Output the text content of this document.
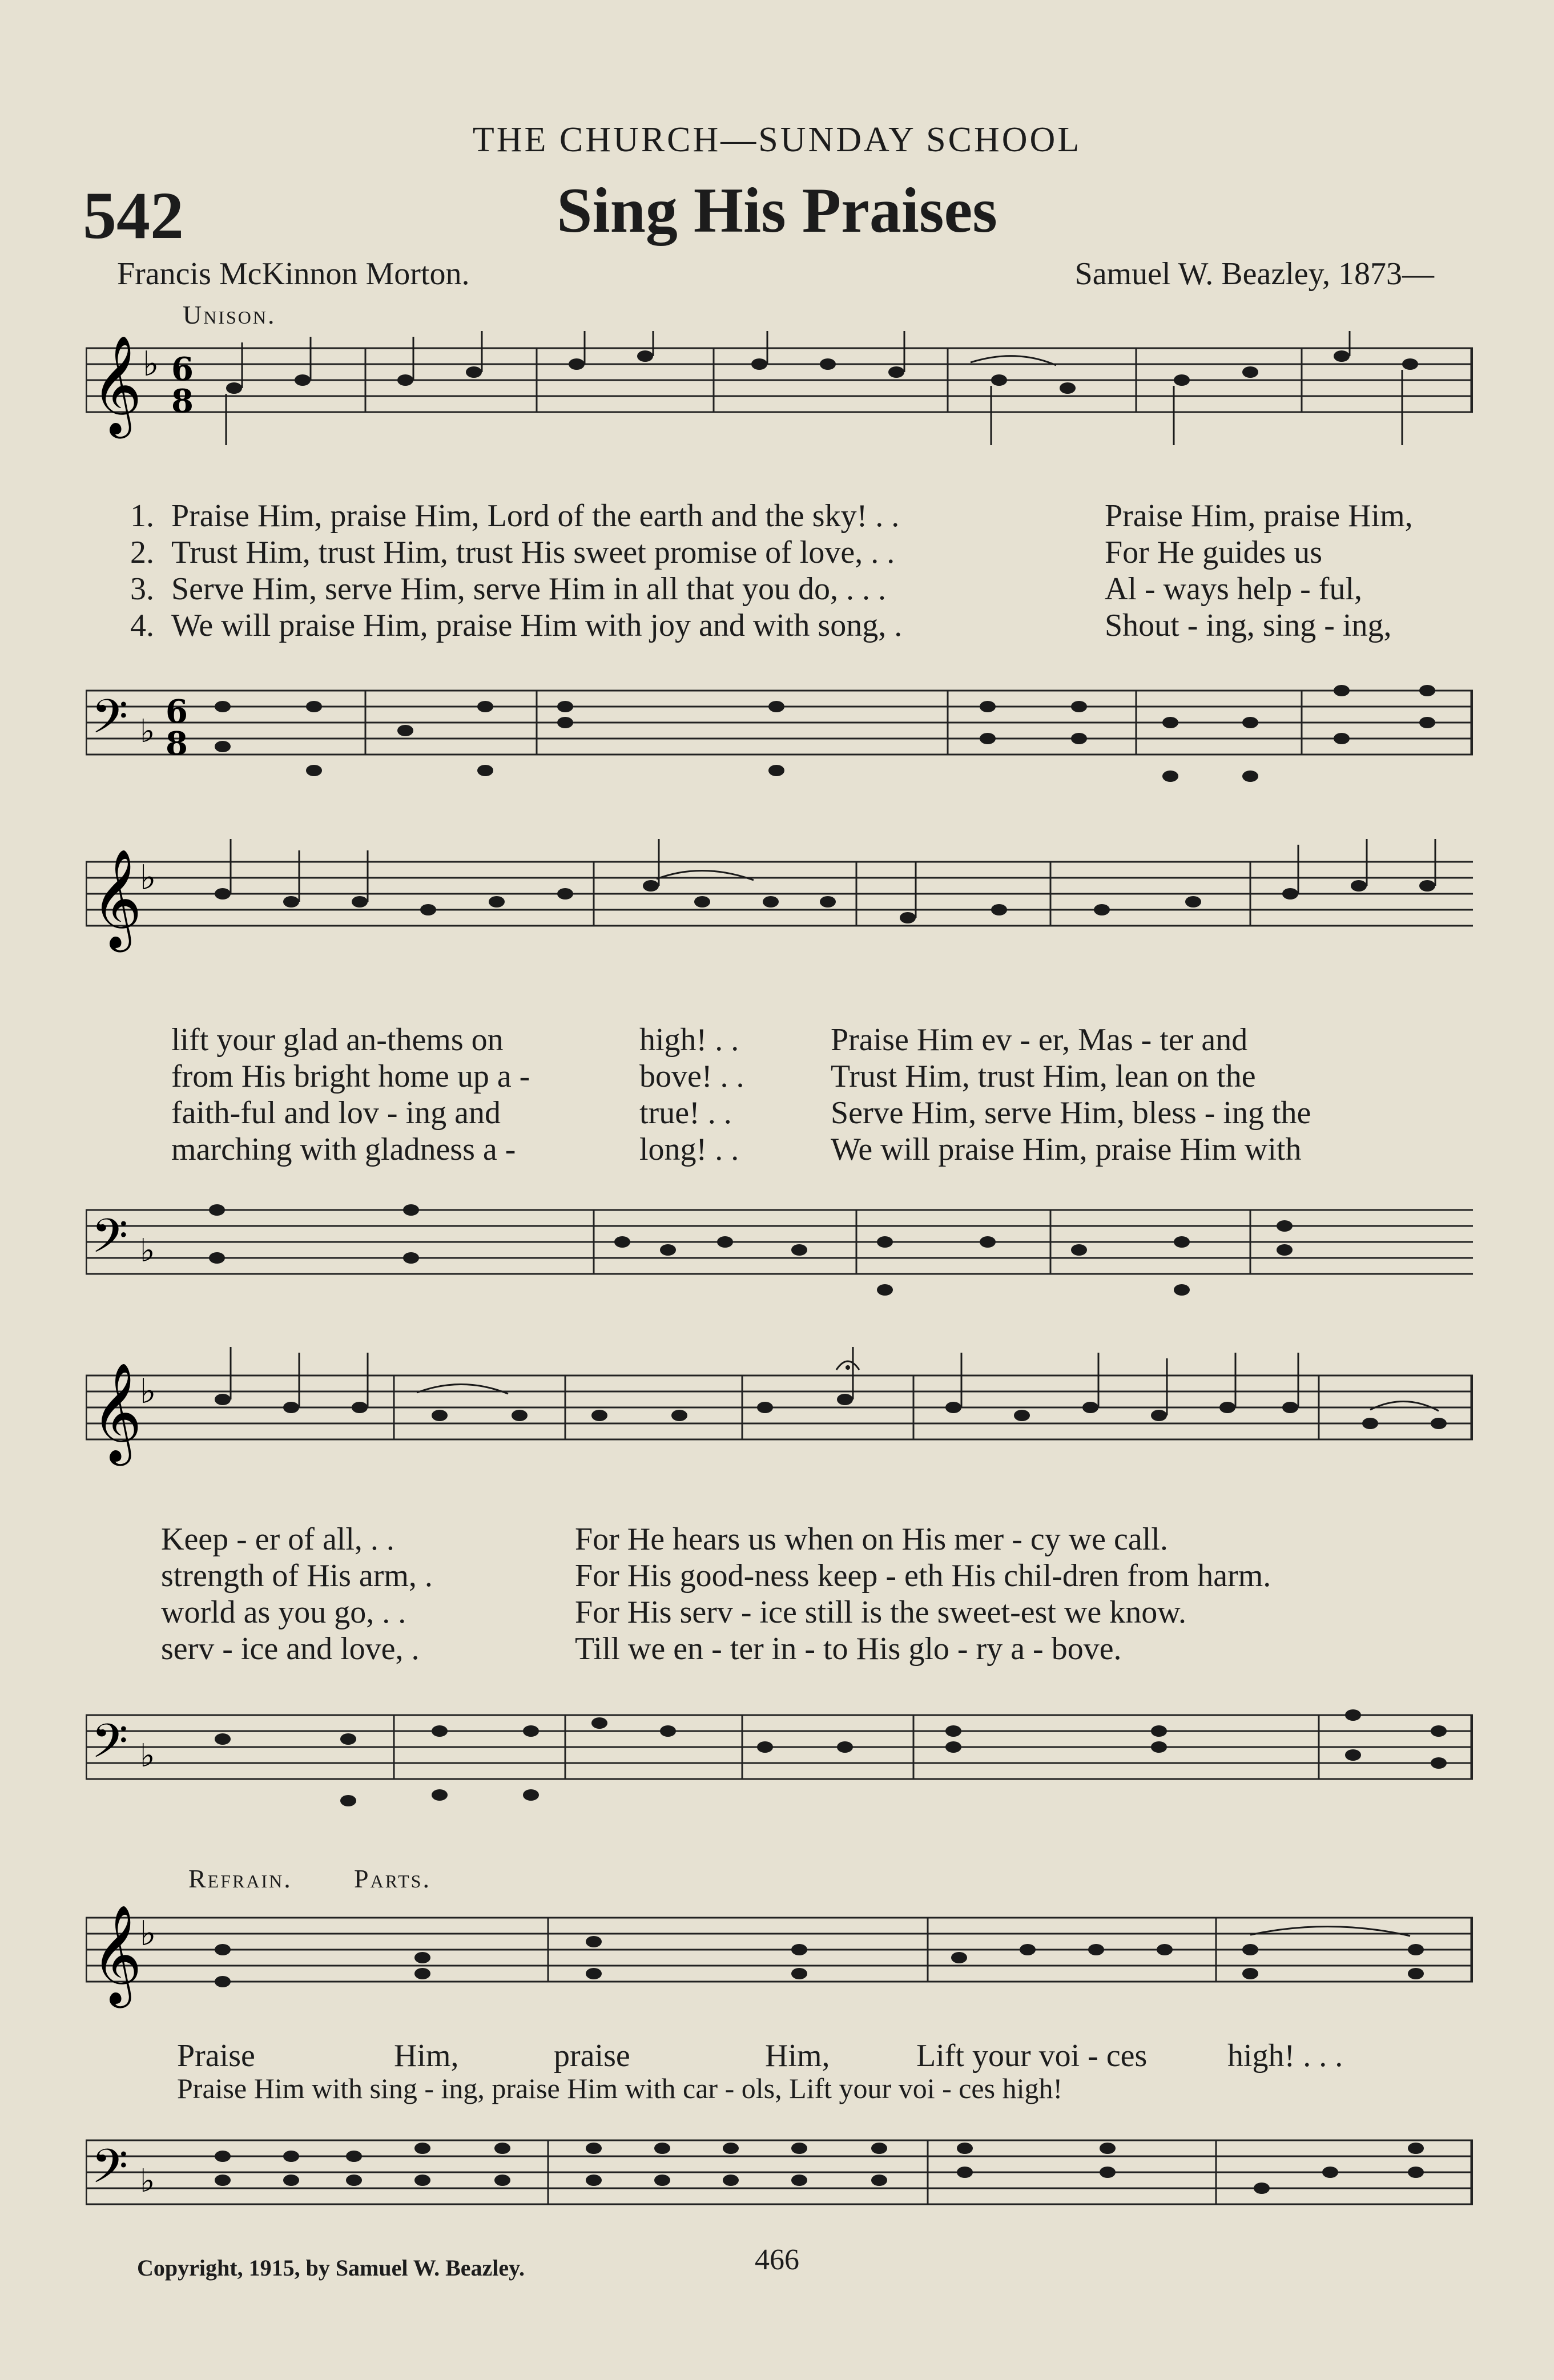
THE CHURCH—SUNDAY SCHOOL
542	Sing His Praises
Francis McKinnon Morton.	Samuel W. Beazley, 1873—
Unison.
𝄞 ♭ 6
8
1. Praise Him, praise Him, Lord of the earth and the sky! . .	Praise Him, praise Him,
2. Trust Him, trust Him, trust His sweet promise of love, . .	For He guides us
3. Serve Him, serve Him, serve Him in all that you do, . . .	Al - ways help - ful,
4. We will praise Him, praise Him with joy and with song, .	Shout - ing, sing - ing,
𝄢 ♭
6
8
𝄞
♭
lift your glad an-thems on	high! . .	Praise Him ev - er, Mas - ter and
from His bright home up a -	bove! . .	Trust Him, trust Him, lean on the
faith-ful and lov - ing and	true! . .	Serve Him, serve Him, bless - ing the
marching with gladness a -	long! . .	We will praise Him, praise Him with
𝄢 ♭
𝄞
♭
Keep - er of all, . .	For He hears us when on His mer - cy we call.
strength of His arm, .	For His good-ness keep - eth His chil-dren from harm.
world as you go, . .	For His serv - ice still is the sweet-est we know.
serv - ice and love, .	Till we en - ter in - to His glo - ry a - bove.
𝄢 ♭
Refrain. Parts.
𝄞
♭
Praise	Him,	praise	Him,	Lift your voi - ces	high! . . .
Praise Him with sing - ing, praise Him with car - ols, Lift your voi - ces high!
𝄢 ♭
Copyright, 1915, by Samuel W. Beazley.	466
